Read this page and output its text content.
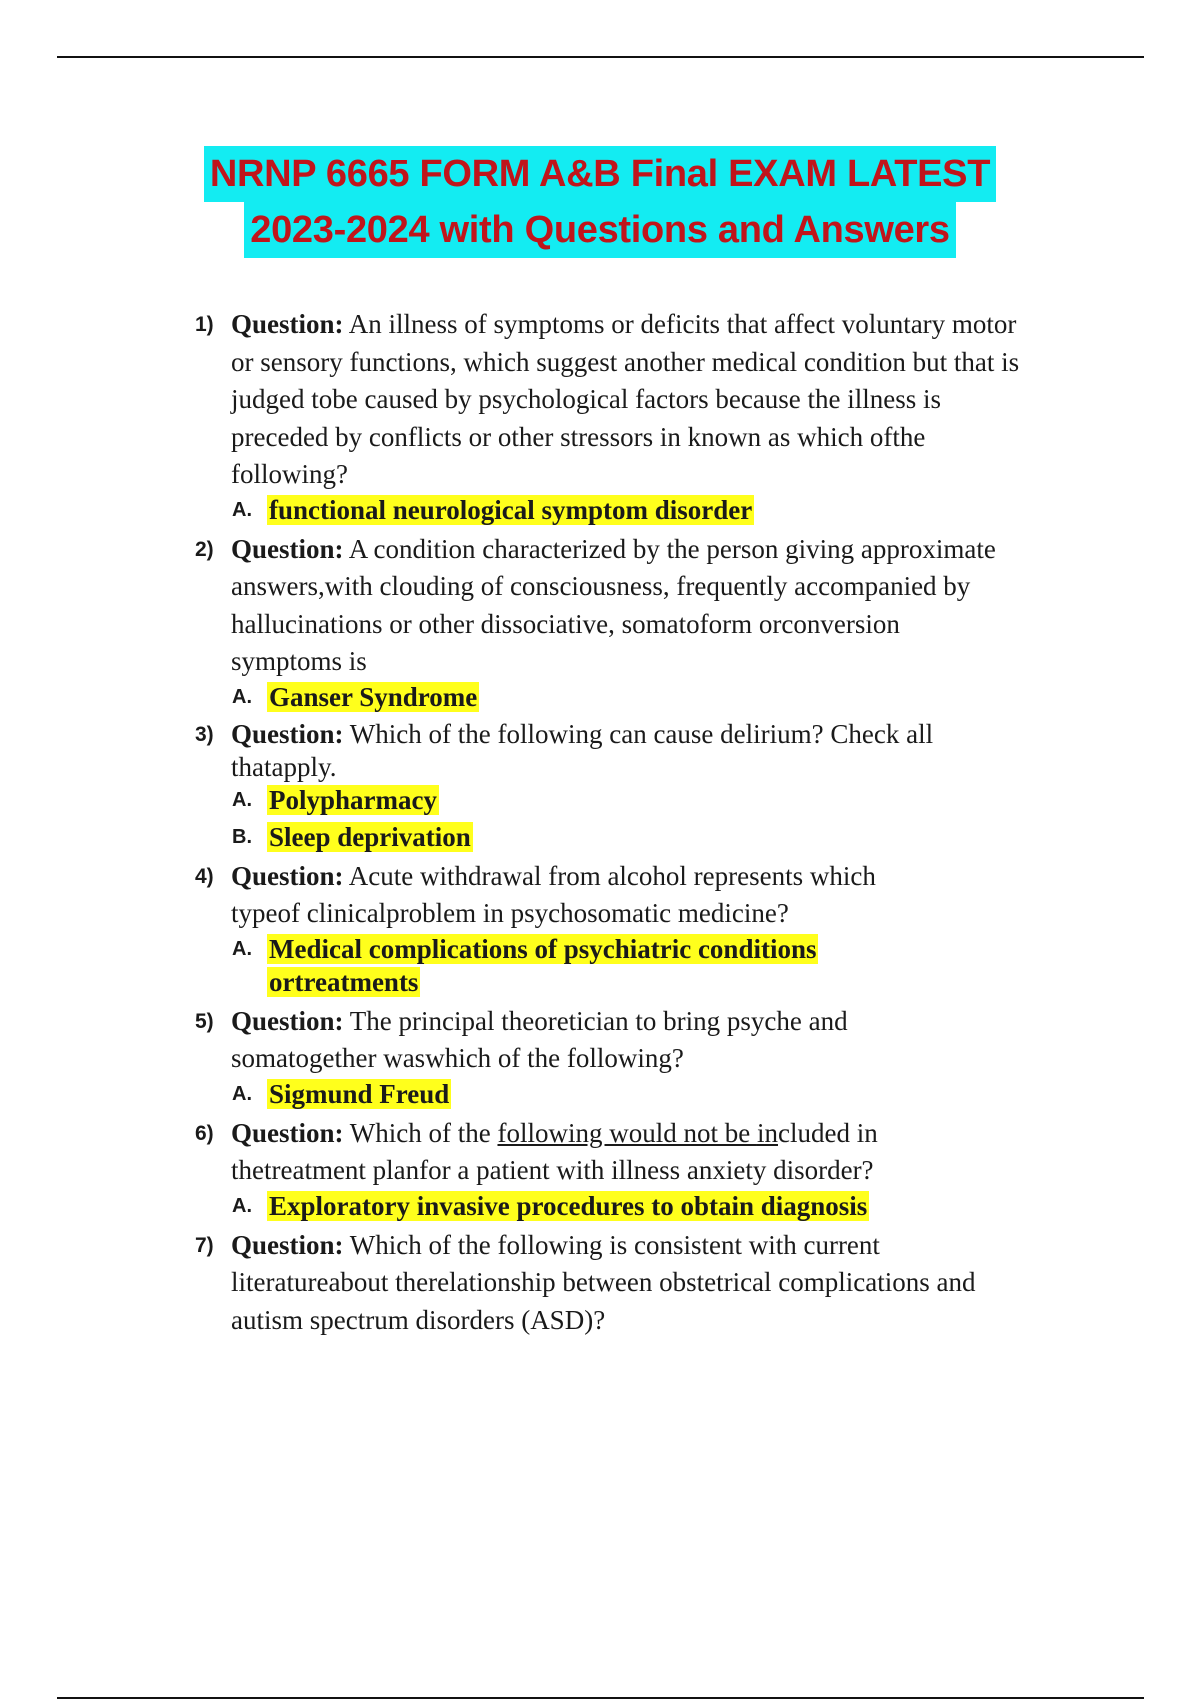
NRNP 6665 FORM A&B Final EXAM LATEST
2023-2024 with Questions and Answers
1) Question: An illness of symptoms or deficits that affect voluntary motor or sensory functions, which suggest another medical condition but that is judged tobe caused by psychological factors because the illness is preceded by conflicts or other stressors in known as which ofthe following?
A. functional neurological symptom disorder
2) Question: A condition characterized by the person giving approximate answers,with clouding of consciousness, frequently accompanied by hallucinations or other dissociative, somatoform orconversion symptoms is
A. Ganser Syndrome
3) Question: Which of the following can cause delirium? Check all thatapply.
A. Polypharmacy
B. Sleep deprivation
4) Question: Acute withdrawal from alcohol represents which typeof clinicalproblem in psychosomatic medicine?
A. Medical complications of psychiatric conditions ortreatments
5) Question: The principal theoretician to bring psyche and somatogether waswhich of the following?
A. Sigmund Freud
6) Question: Which of the following would not be included in thetreatment planfor a patient with illness anxiety disorder?
A. Exploratory invasive procedures to obtain diagnosis
7) Question: Which of the following is consistent with current literatureabout therelationship between obstetrical complications and autism spectrum disorders (ASD)?
